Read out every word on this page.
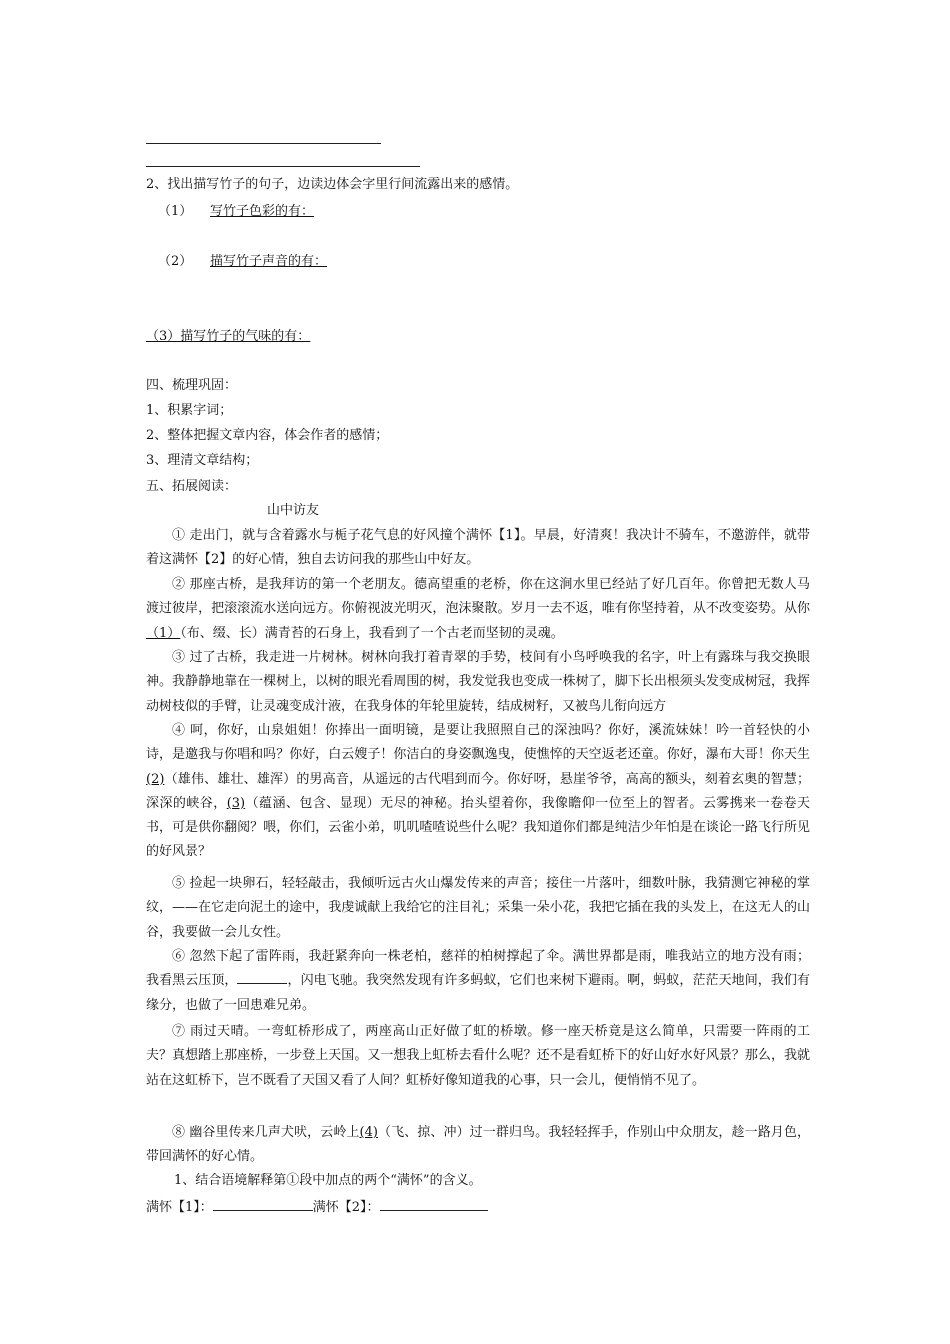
2、找出描写竹子的句子，边读边体会字里行间流露出来的感情。
（1） 写竹子色彩的有：
（2） 描写竹子声音的有：
（3）描写竹子的气味的有：
四、梳理巩固：
1、积累字词；
2、整体把握文章内容，体会作者的感情；
3、理清文章结构；
五、拓展阅读：
山中访友
① 走出门，就与含着露水与栀子花气息的好风撞个满怀【1】。早晨，好清爽！我决计不骑车，不邀游伴，就带着这满怀【2】的好心情，独自去访问我的那些山中好友。
② 那座古桥，是我拜访的第一个老朋友。德高望重的老桥，你在这涧水里已经站了好几百年。你曾把无数人马渡过彼岸，把滚滚流水送向远方。你俯视波光明灭，泡沫聚散。岁月一去不返，唯有你坚持着，从不改变姿势。从你（1）（布、缀、长）满青苔的石身上，我看到了一个古老而坚韧的灵魂。
③ 过了古桥，我走进一片树林。树林向我打着青翠的手势，枝间有小鸟呼唤我的名字，叶上有露珠与我交换眼神。我静静地靠在一棵树上，以树的眼光看周围的树，我发觉我也变成一株树了，脚下长出根须头发变成树冠，我挥动树枝似的手臂，让灵魂变成汁液，在我身体的年轮里旋转，结成树籽，又被鸟儿衔向远方
④ 呵，你好，山泉姐姐！你捧出一面明镜，是要让我照照自己的深浊吗？你好，溪流妹妹！吟一首轻快的小诗，是邀我与你唱和吗？你好，白云嫂子！你洁白的身姿飘逸曳，使憔悴的天空返老还童。你好，瀑布大哥！你天生(2)（雄伟、雄壮、雄浑）的男高音，从遥远的古代唱到而今。你好呀，悬崖爷爷，高高的额头，刻着玄奥的智慧；深深的峡谷，(3)（蕴涵、包含、显现）无尽的神秘。抬头望着你，我像瞻仰一位至上的智者。云雾携来一卷卷天书，可是供你翻阅？喂，你们，云雀小弟，叽叽喳喳说些什么呢？我知道你们都是纯洁少年怕是在谈论一路飞行所见的好风景？
⑤ 捡起一块卵石，轻轻敲击，我倾听远古火山爆发传来的声音；接住一片落叶，细数叶脉，我猜测它神秘的掌纹，——在它走向泥土的途中，我虔诚献上我给它的注目礼；采集一朵小花，我把它插在我的头发上，在这无人的山谷，我要做一会儿女性。
⑥ 忽然下起了雷阵雨，我赶紧奔向一株老柏，慈祥的柏树撑起了伞。满世界都是雨，唯我站立的地方没有雨；我看黑云压顶，	，闪电飞驰。我突然发现有许多蚂蚁，它们也来树下避雨。啊，蚂蚁，茫茫天地间，我们有缘分，也做了一回患难兄弟。
⑦ 雨过天晴。一弯虹桥形成了，两座高山正好做了虹的桥墩。修一座天桥竟是这么简单，只需要一阵雨的工夫？真想踏上那座桥，一步登上天国。又一想我上虹桥去看什么呢？还不是看虹桥下的好山好水好风景？那么，我就站在这虹桥下，岂不既看了天国又看了人间？虹桥好像知道我的心事，只一会儿，便悄悄不见了。
⑧ 幽谷里传来几声犬吠，云岭上(4)（飞、掠、冲）过一群归鸟。我轻轻挥手，作别山中众朋友，趁一路月色，带回满怀的好心情。
1、结合语境解释第①段中加点的两个“满怀”的含义。
满怀【1】：	满怀【2】：
